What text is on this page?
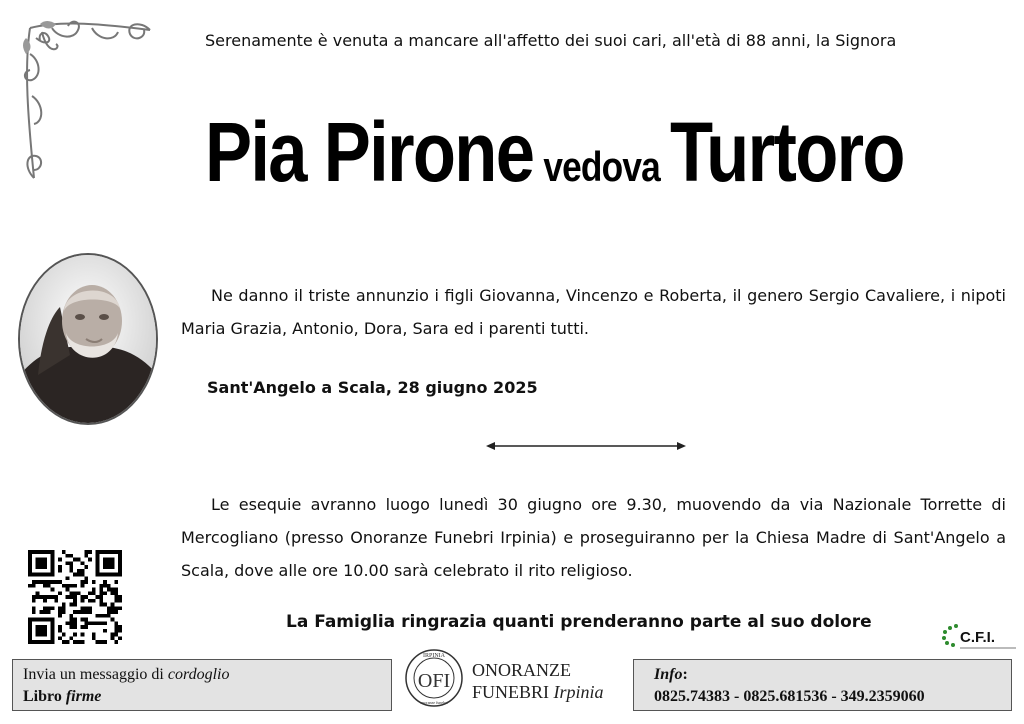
Serenamente è venuta a mancare all'affetto dei suoi cari, all'età di 88 anni, la Signora
Pia Pirone vedova Turtoro
Ne danno il triste annunzio i figli Giovanna, Vincenzo e Roberta, il genero Sergio Cavaliere, i nipoti Maria Grazia, Antonio, Dora, Sara ed i parenti tutti.
Sant'Angelo a Scala, 28 giugno 2025
Le esequie avranno luogo lunedì 30 giugno ore 9.30, muovendo da via Nazionale Torrette di Mercogliano (presso Onoranze Funebri Irpinia) e proseguiranno per la Chiesa Madre di Sant'Angelo a Scala, dove alle ore 10.00 sarà celebrato il rito religioso.
La Famiglia ringrazia quanti prenderanno parte al suo dolore
C.F.I.
Invia un messaggio di cordoglio
Libro firme
IRPINIA
OFI
onoranze funebri
ONORANZE
FUNEBRI Irpinia
Info:
0825.74383 - 0825.681536 - 349.2359060
